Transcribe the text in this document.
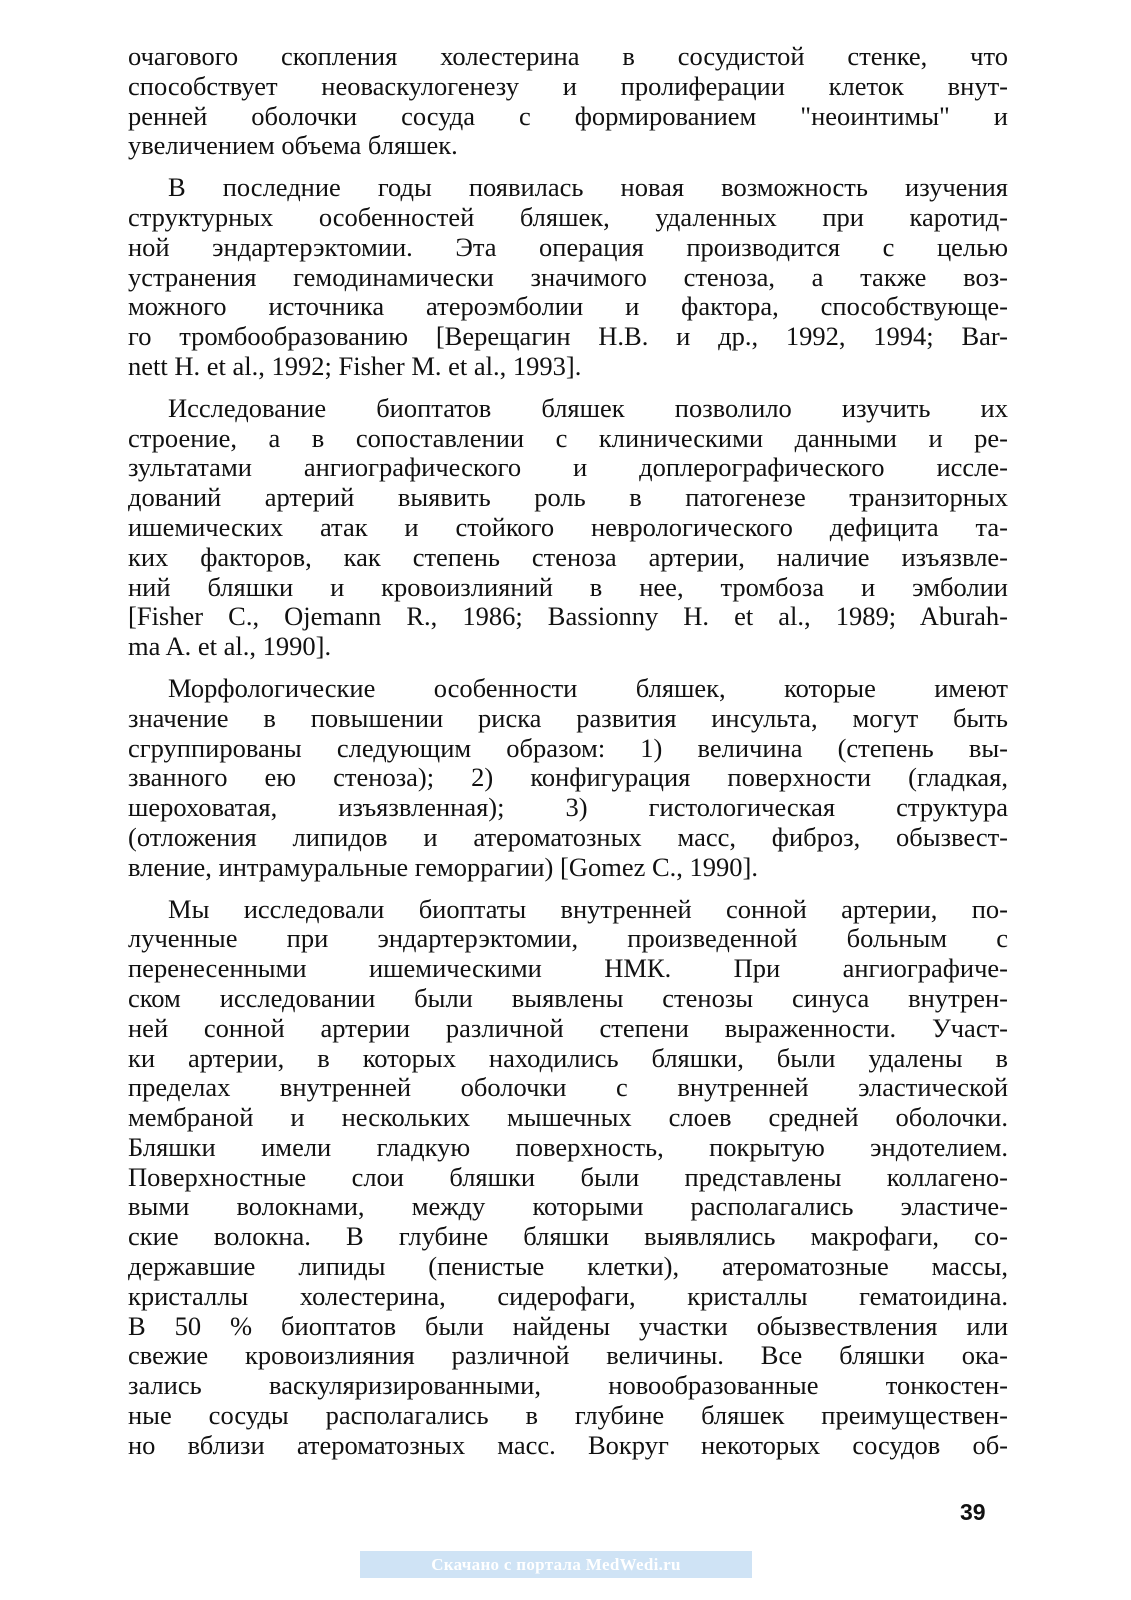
очагового скопления холестерина в сосудистой стенке, что
способствует неоваскулогенезу и пролиферации клеток внут-
ренней оболочки сосуда с формированием "неоинтимы" и
увеличением объема бляшек.
В последние годы появилась новая возможность изучения
структурных особенностей бляшек, удаленных при каротид-
ной эндартерэктомии. Эта операция производится с целью
устранения гемодинамически значимого стеноза, а также воз-
можного источника атероэмболии и фактора, способствующе-
го тромбообразованию [Верещагин Н.В. и др., 1992, 1994; Bar-
nett H. et al., 1992; Fisher M. et al., 1993].
Исследование биоптатов бляшек позволило изучить их
строение, а в сопоставлении с клиническими данными и ре-
зультатами ангиографического и доплерографического иссле-
дований артерий выявить роль в патогенезе транзиторных
ишемических атак и стойкого неврологического дефицита та-
ких факторов, как степень стеноза артерии, наличие изъязвле-
ний бляшки и кровоизлияний в нее, тромбоза и эмболии
[Fisher C., Ojemann R., 1986; Bassionny H. et al., 1989; Aburah-
ma A. et al., 1990].
Морфологические особенности бляшек, которые имеют
значение в повышении риска развития инсульта, могут быть
сгруппированы следующим образом: 1) величина (степень вы-
званного ею стеноза); 2) конфигурация поверхности (гладкая,
шероховатая, изъязвленная); 3) гистологическая структура
(отложения липидов и атероматозных масс, фиброз, обызвест-
вление, интрамуральные геморрагии) [Gomez C., 1990].
Мы исследовали биоптаты внутренней сонной артерии, по-
лученные при эндартерэктомии, произведенной больным с
перенесенными ишемическими НМК. При ангиографиче-
ском исследовании были выявлены стенозы синуса внутрен-
ней сонной артерии различной степени выраженности. Участ-
ки артерии, в которых находились бляшки, были удалены в
пределах внутренней оболочки с внутренней эластической
мембраной и нескольких мышечных слоев средней оболочки.
Бляшки имели гладкую поверхность, покрытую эндотелием.
Поверхностные слои бляшки были представлены коллагено-
выми волокнами, между которыми располагались эластиче-
ские волокна. В глубине бляшки выявлялись макрофаги, со-
державшие липиды (пенистые клетки), атероматозные массы,
кристаллы холестерина, сидерофаги, кристаллы гематоидина.
В 50 % биоптатов были найдены участки обызвествления или
свежие кровоизлияния различной величины. Все бляшки ока-
зались васкуляризированными, новообразованные тонкостен-
ные сосуды располагались в глубине бляшек преимуществен-
но вблизи атероматозных масс. Вокруг некоторых сосудов об-
39
Скачано с портала MedWedi.ru
